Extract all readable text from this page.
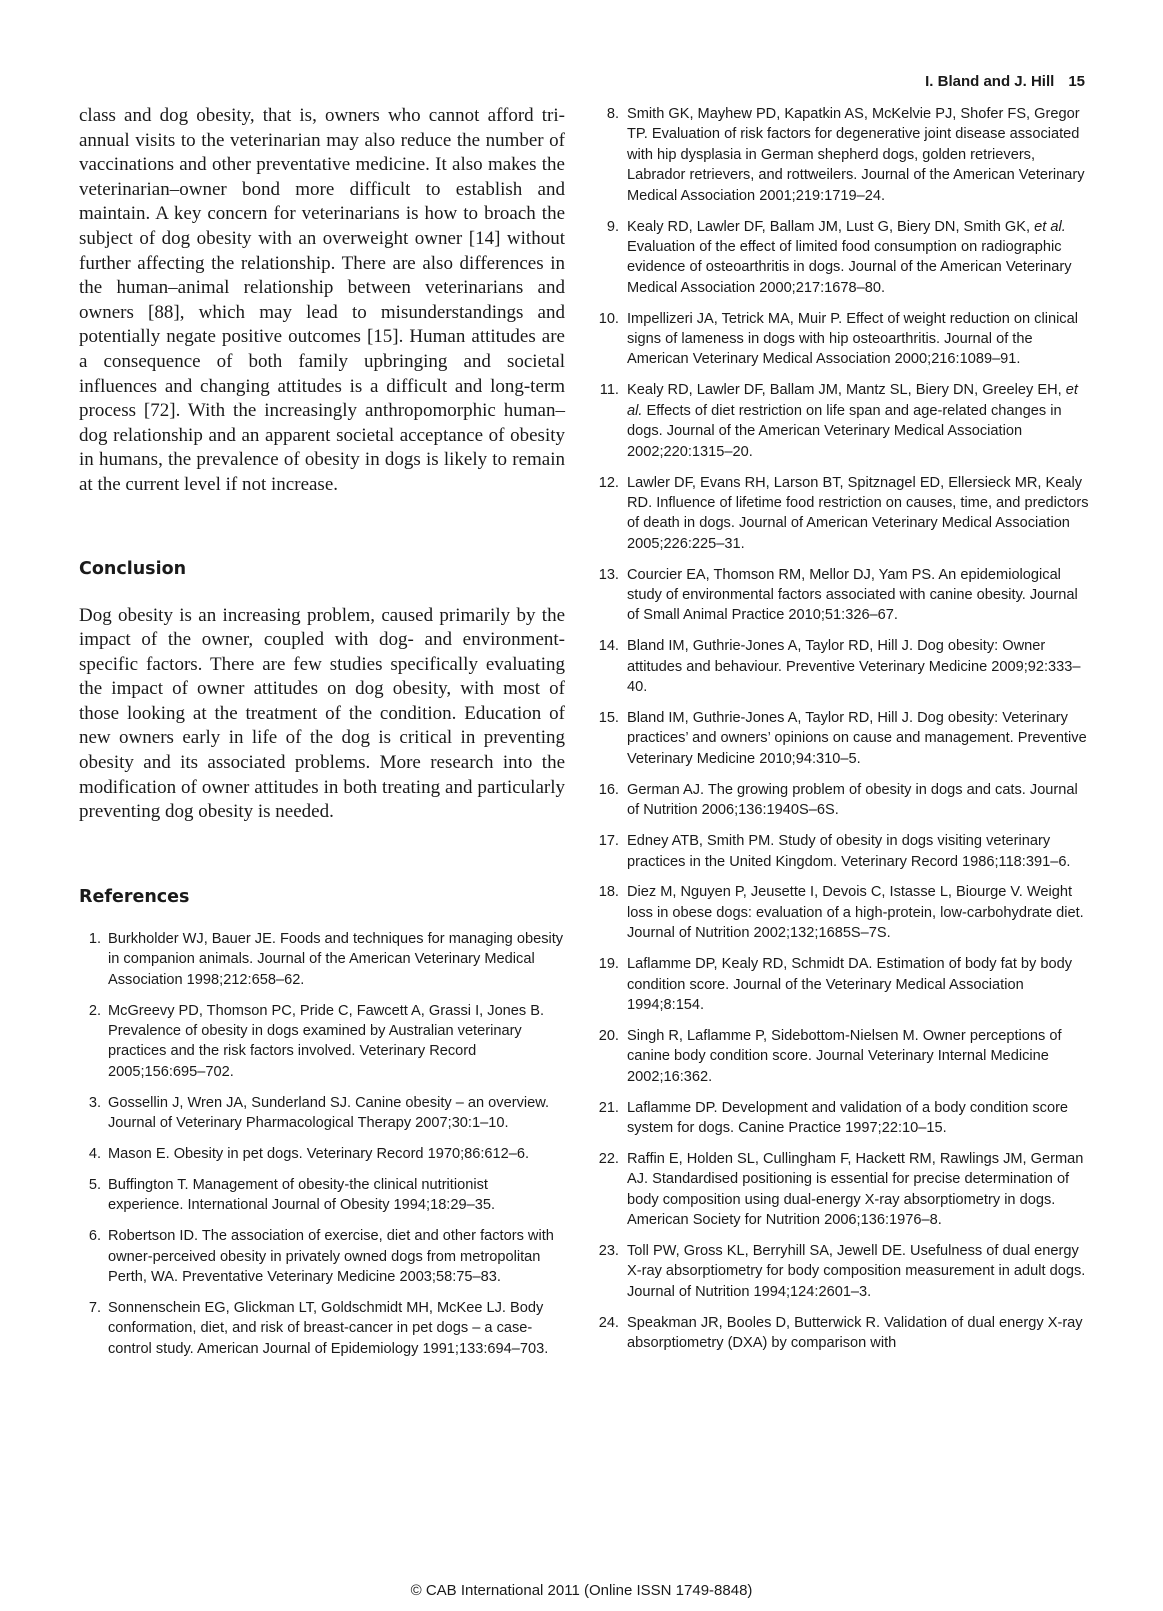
I. Bland and J. Hill 15

class and dog obesity, that is, owners who cannot afford tri-annual visits to the veterinarian may also reduce the number of vaccinations and other preventative medicine. It also makes the veterinarian–owner bond more difficult to establish and maintain. A key concern for veterinarians is how to broach the subject of dog obesity with an overweight owner [14] without further affecting the relationship. There are also differences in the human–animal relationship between veterinarians and owners [88], which may lead to misunderstandings and potentially negate positive outcomes [15]. Human attitudes are a consequence of both family upbringing and societal influences and changing attitudes is a difficult and long-term process [72]. With the increasingly anthropomorphic human–dog relationship and an apparent societal acceptance of obesity in humans, the prevalence of obesity in dogs is likely to remain at the current level if not increase.

Conclusion

Dog obesity is an increasing problem, caused primarily by the impact of the owner, coupled with dog- and environment-specific factors. There are few studies specifically evaluating the impact of owner attitudes on dog obesity, with most of those looking at the treatment of the condition. Education of new owners early in life of the dog is critical in preventing obesity and its associated problems. More research into the modification of owner attitudes in both treating and particularly preventing dog obesity is needed.

References
1. Burkholder WJ, Bauer JE. Foods and techniques for managing obesity in companion animals. Journal of the American Veterinary Medical Association 1998;212:658–62.
2. McGreevy PD, Thomson PC, Pride C, Fawcett A, Grassi I, Jones B. Prevalence of obesity in dogs examined by Australian veterinary practices and the risk factors involved. Veterinary Record 2005;156:695–702.
3. Gossellin J, Wren JA, Sunderland SJ. Canine obesity – an overview. Journal of Veterinary Pharmacological Therapy 2007;30:1–10.
4. Mason E. Obesity in pet dogs. Veterinary Record 1970;86:612–6.
5. Buffington T. Management of obesity-the clinical nutritionist experience. International Journal of Obesity 1994;18:29–35.
6. Robertson ID. The association of exercise, diet and other factors with owner-perceived obesity in privately owned dogs from metropolitan Perth, WA. Preventative Veterinary Medicine 2003;58:75–83.
7. Sonnenschein EG, Glickman LT, Goldschmidt MH, McKee LJ. Body conformation, diet, and risk of breast-cancer in pet dogs – a case-control study. American Journal of Epidemiology 1991;133:694–703.
8. Smith GK, Mayhew PD, Kapatkin AS, McKelvie PJ, Shofer FS, Gregor TP. Evaluation of risk factors for degenerative joint disease associated with hip dysplasia in German shepherd dogs, golden retrievers, Labrador retrievers, and rottweilers. Journal of the American Veterinary Medical Association 2001;219:1719–24.
9. Kealy RD, Lawler DF, Ballam JM, Lust G, Biery DN, Smith GK, et al. Evaluation of the effect of limited food consumption on radiographic evidence of osteoarthritis in dogs. Journal of the American Veterinary Medical Association 2000;217:1678–80.
10. Impellizeri JA, Tetrick MA, Muir P. Effect of weight reduction on clinical signs of lameness in dogs with hip osteoarthritis. Journal of the American Veterinary Medical Association 2000;216:1089–91.
11. Kealy RD, Lawler DF, Ballam JM, Mantz SL, Biery DN, Greeley EH, et al. Effects of diet restriction on life span and age-related changes in dogs. Journal of the American Veterinary Medical Association 2002;220:1315–20.
12. Lawler DF, Evans RH, Larson BT, Spitznagel ED, Ellersieck MR, Kealy RD. Influence of lifetime food restriction on causes, time, and predictors of death in dogs. Journal of American Veterinary Medical Association 2005;226:225–31.
13. Courcier EA, Thomson RM, Mellor DJ, Yam PS. An epidemiological study of environmental factors associated with canine obesity. Journal of Small Animal Practice 2010;51:326–67.
14. Bland IM, Guthrie-Jones A, Taylor RD, Hill J. Dog obesity: Owner attitudes and behaviour. Preventive Veterinary Medicine 2009;92:333–40.
15. Bland IM, Guthrie-Jones A, Taylor RD, Hill J. Dog obesity: Veterinary practices’ and owners’ opinions on cause and management. Preventive Veterinary Medicine 2010;94:310–5.
16. German AJ. The growing problem of obesity in dogs and cats. Journal of Nutrition 2006;136:1940S–6S.
17. Edney ATB, Smith PM. Study of obesity in dogs visiting veterinary practices in the United Kingdom. Veterinary Record 1986;118:391–6.
18. Diez M, Nguyen P, Jeusette I, Devois C, Istasse L, Biourge V. Weight loss in obese dogs: evaluation of a high-protein, low-carbohydrate diet. Journal of Nutrition 2002;132;1685S–7S.
19. Laflamme DP, Kealy RD, Schmidt DA. Estimation of body fat by body condition score. Journal of the Veterinary Medical Association 1994;8:154.
20. Singh R, Laflamme P, Sidebottom-Nielsen M. Owner perceptions of canine body condition score. Journal Veterinary Internal Medicine 2002;16:362.
21. Laflamme DP. Development and validation of a body condition score system for dogs. Canine Practice 1997;22:10–15.
22. Raffin E, Holden SL, Cullingham F, Hackett RM, Rawlings JM, German AJ. Standardised positioning is essential for precise determination of body composition using dual-energy X-ray absorptiometry in dogs. American Society for Nutrition 2006;136:1976–8.
23. Toll PW, Gross KL, Berryhill SA, Jewell DE. Usefulness of dual energy X-ray absorptiometry for body composition measurement in adult dogs. Journal of Nutrition 1994;124:2601–3.
24. Speakman JR, Booles D, Butterwick R. Validation of dual energy X-ray absorptiometry (DXA) by comparison with
© CAB International 2011 (Online ISSN 1749-8848)
